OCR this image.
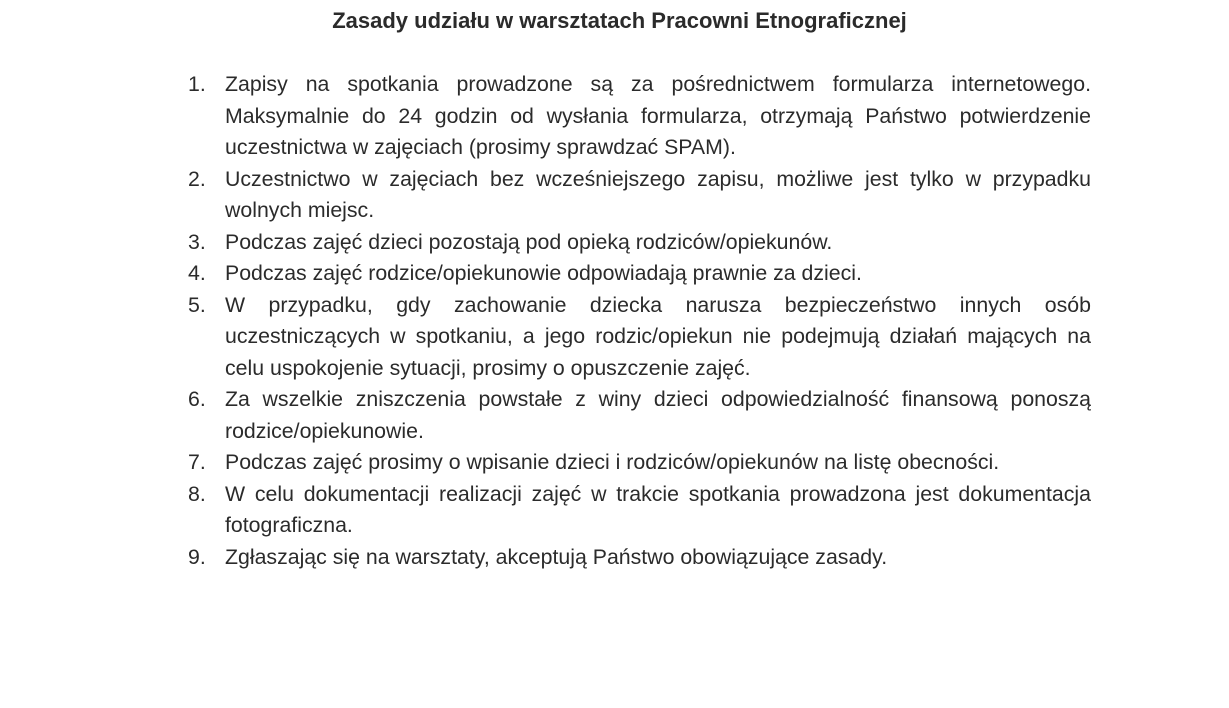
Zasady udziału w warsztatach Pracowni Etnograficznej
1. Zapisy na spotkania prowadzone są za pośrednictwem formularza internetowego. Maksymalnie do 24 godzin od wysłania formularza, otrzymają Państwo potwierdzenie uczestnictwa w zajęciach (prosimy sprawdzać SPAM).
2. Uczestnictwo w zajęciach bez wcześniejszego zapisu, możliwe jest tylko w przypadku wolnych miejsc.
3. Podczas zajęć dzieci pozostają pod opieką rodziców/opiekunów.
4. Podczas zajęć rodzice/opiekunowie odpowiadają prawnie za dzieci.
5. W przypadku, gdy zachowanie dziecka narusza bezpieczeństwo innych osób uczestniczących w spotkaniu, a jego rodzic/opiekun nie podejmują działań mających na celu uspokojenie sytuacji, prosimy o opuszczenie zajęć.
6. Za wszelkie zniszczenia powstałe z winy dzieci odpowiedzialność finansową ponoszą rodzice/opiekunowie.
7. Podczas zajęć prosimy o wpisanie dzieci i rodziców/opiekunów na listę obecności.
8. W celu dokumentacji realizacji zajęć w trakcie spotkania prowadzona jest dokumentacja fotograficzna.
9. Zgłaszając się na warsztaty, akceptują Państwo obowiązujące zasady.
